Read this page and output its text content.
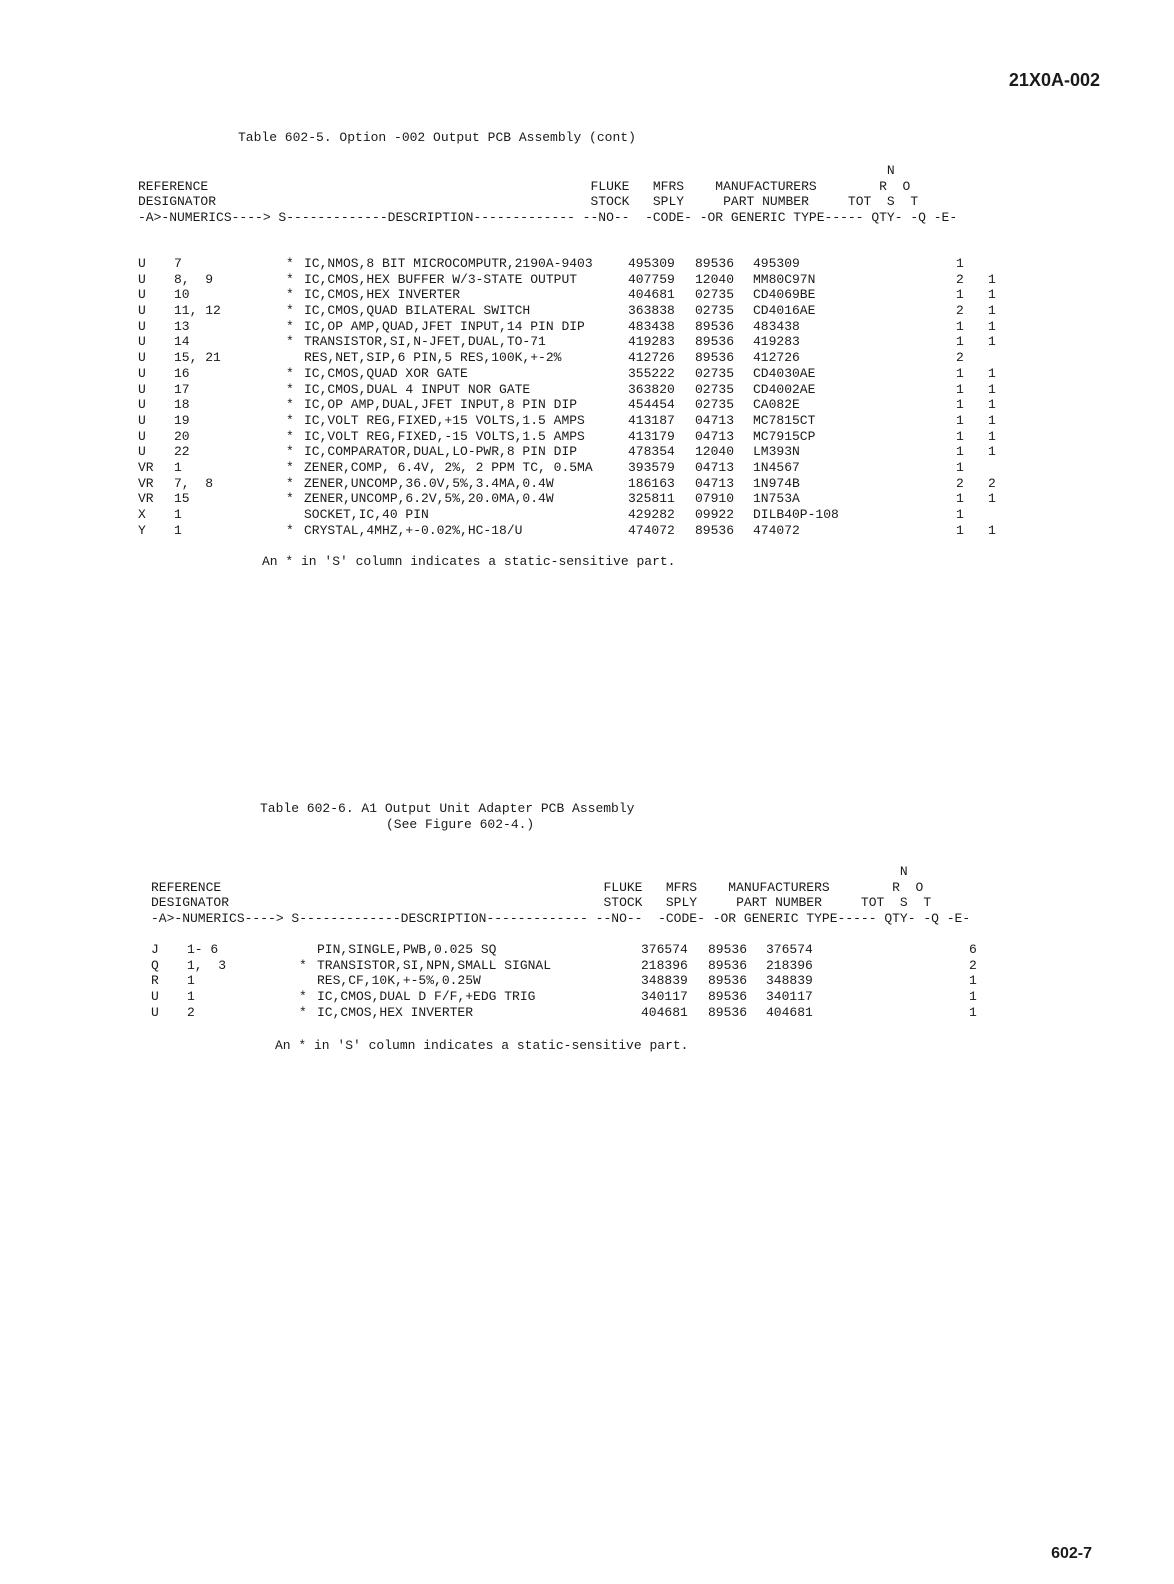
21X0A-002
Table 602-5. Option -002 Output PCB Assembly (cont)
N
REFERENCE                                                 FLUKE   MFRS    MANUFACTURERS        R  O
DESIGNATOR                                                STOCK   SPLY     PART NUMBER     TOT  S  T
-A>-NUMERICS----> S-------------DESCRIPTION------------- --NO--  -CODE- -OR GENERIC TYPE----- QTY- -Q -E-
U 7	* IC,NMOS,8 BIT MICROCOMPUTR,2190A-9403	495309 89536 495309	1
U 8,  9	* IC,CMOS,HEX BUFFER W/3-STATE OUTPUT	407759 12040 MM80C97N	2 1
U 10	* IC,CMOS,HEX INVERTER	404681 02735 CD4069BE	1 1
U 11, 12	* IC,CMOS,QUAD BILATERAL SWITCH	363838 02735 CD4016AE	2 1
U 13	* IC,OP AMP,QUAD,JFET INPUT,14 PIN DIP	483438 89536 483438	1 1
U 14	* TRANSISTOR,SI,N-JFET,DUAL,TO-71	419283 89536 419283	1 1
U 15, 21	RES,NET,SIP,6 PIN,5 RES,100K,+-2%	412726 89536 412726	2
U 16	* IC,CMOS,QUAD XOR GATE	355222 02735 CD4030AE	1 1
U 17	* IC,CMOS,DUAL 4 INPUT NOR GATE	363820 02735 CD4002AE	1 1
U 18	* IC,OP AMP,DUAL,JFET INPUT,8 PIN DIP	454454 02735 CA082E	1 1
U 19	* IC,VOLT REG,FIXED,+15 VOLTS,1.5 AMPS	413187 04713 MC7815CT	1 1
U 20	* IC,VOLT REG,FIXED,-15 VOLTS,1.5 AMPS	413179 04713 MC7915CP	1 1
U 22	* IC,COMPARATOR,DUAL,LO-PWR,8 PIN DIP	478354 12040 LM393N	1 1
VR 1	* ZENER,COMP, 6.4V, 2%, 2 PPM TC, 0.5MA	393579 04713 1N4567	1
VR 7,  8	* ZENER,UNCOMP,36.0V,5%,3.4MA,0.4W	186163 04713 1N974B	2 2
VR 15	* ZENER,UNCOMP,6.2V,5%,20.0MA,0.4W	325811 07910 1N753A	1 1
X 1	SOCKET,IC,40 PIN	429282 09922 DILB40P-108	1
Y 1	* CRYSTAL,4MHZ,+-0.02%,HC-18/U	474072 89536 474072	1 1
An * in 'S' column indicates a static-sensitive part.
Table 602-6. A1 Output Unit Adapter PCB Assembly
(See Figure 602-4.)
N
REFERENCE                                                 FLUKE   MFRS    MANUFACTURERS        R  O
DESIGNATOR                                                STOCK   SPLY     PART NUMBER     TOT  S  T
-A>-NUMERICS----> S-------------DESCRIPTION------------- --NO--  -CODE- -OR GENERIC TYPE----- QTY- -Q -E-
J 1- 6	PIN,SINGLE,PWB,0.025 SQ	376574 89536 376574	6
Q 1,  3	* TRANSISTOR,SI,NPN,SMALL SIGNAL	218396 89536 218396	2
R 1	RES,CF,10K,+-5%,0.25W	348839 89536 348839	1
U 1	* IC,CMOS,DUAL D F/F,+EDG TRIG	340117 89536 340117	1
U 2	* IC,CMOS,HEX INVERTER	404681 89536 404681	1
An * in 'S' column indicates a static-sensitive part.
602-7
